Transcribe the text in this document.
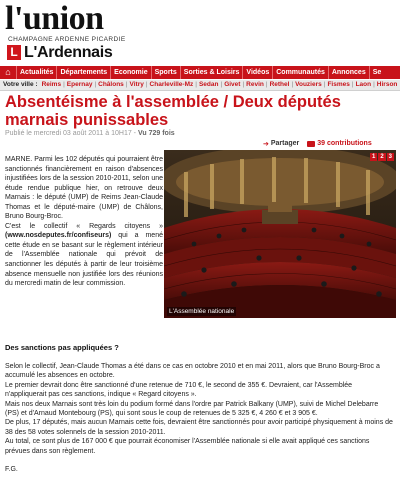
l'union
CHAMPAGNE ARDENNE PICARDIE
L L'Ardennais
⌂	Actualités	Départements	Economie	Sports	Sorties & Loisirs	Vidéos	Communautés	Annonces	Se
Votre ville : Reims | Epernay | Châlons | Vitry | Charleville-Mz | Sedan | Givet | Revin | Rethel | Vouziers | Fismes | Laon | Hirson
Absentéisme à l'assemblée / Deux députés marnais punissables
Publié le mercredi 03 août 2011 à 10H17 - Vu 729 fois
➔ Partager	39 contributions

MARNE. Parmi les 102 députés qui pourraient être sanctionnés financièrement en raison d'absences injustifiées lors de la session 2010-2011, selon une étude rendue publique hier, on retrouve deux Marnais : le député (UMP) de Reims Jean-Claude Thomas et le député-maire (UMP) de Châlons, Bruno Bourg-Broc.

C'est le collectif « Regards citoyens » (www.nosdeputes.fr/confiseurs) qui a mené cette étude en se basant sur le règlement intérieur de l'Assemblée nationale qui prévoit de sanctionner les députés à partir de leur troisième absence mensuelle non justifiée lors des réunions du mercredi matin de leur commission.

1 2 3
L'Assemblée nationale
Des sanctions pas appliquées ?

Selon le collectif, Jean-Claude Thomas a été dans ce cas en octobre 2010 et en mai 2011, alors que Bruno Bourg-Broc a accumulé les absences en octobre.

Le premier devrait donc être sanctionné d'une retenue de 710 €, le second de 355 €. Devraient, car l'Assemblée n'appliquerait pas ces sanctions, indique « Regard citoyens ».

Mais nos deux Marnais sont très loin du podium formé dans l'ordre par Patrick Balkany (UMP), suivi de Michel Delebarre (PS) et d'Arnaud Montebourg (PS), qui sont sous le coup de retenues de 5 325 €, 4 260 € et 3 905 €.

De plus, 17 députés, mais aucun Marnais cette fois, devraient être sanctionnés pour avoir participé physiquement à moins de 38 des 58 votes solennels de la session 2010-2011.

Au total, ce sont plus de 167 000 € que pourrait économiser l'Assemblée nationale si elle avait appliqué ces sanctions prévues dans son règlement.

F.G.
